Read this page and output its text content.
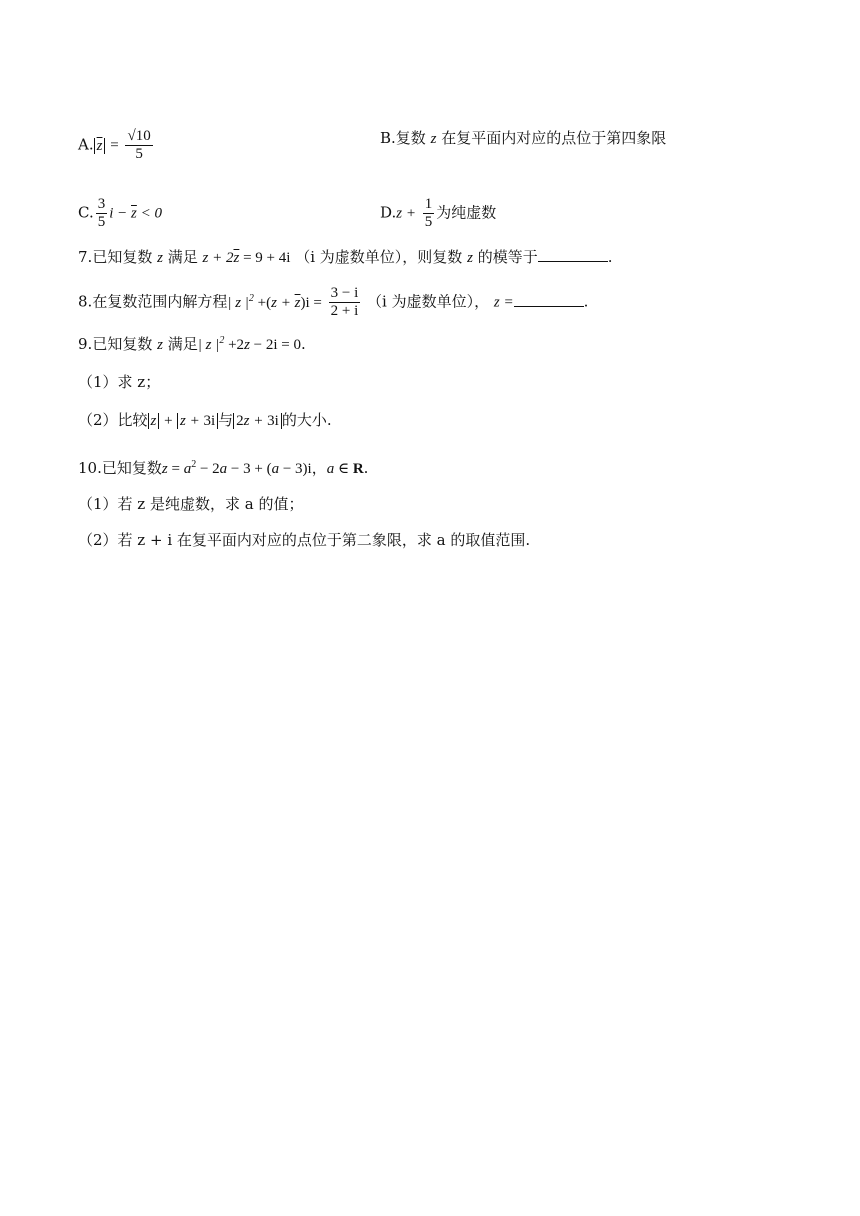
A. $\overline{z} = \frac{√10}{5}$	B.复数 z 在复平面内对应的点位于第四象限
C. $\frac{3}{5}$ $i - \overline{z} < 0$	$D.z + \frac{1}{5}$ 为纯虚数
7.已知复数 z 满足 $z + 2\overline{z} = 9 + 4i$ （i 为虚数单位），则复数 z 的模等于	.
8.在复数范围内解方程| z $|^2 +(z + \overline{z})i = \frac{3 - i}{2 + i} (i$ 为虚数单位）， z =	.
9.已知复数 z 满足| z $|^2 +2z - 2i = 0$.
（1）求 z；
（2）比较 z + z + 3i 与 2z + 3i 的大小.
10.已知复数$z = a^2 - 2a - 3 + (a - 3)i$，a ∈ R.
（1）若 z 是纯虚数，求 a 的值；
（2）若 z + i 在复平面内对应的点位于第二象限，求 a 的取值范围.
